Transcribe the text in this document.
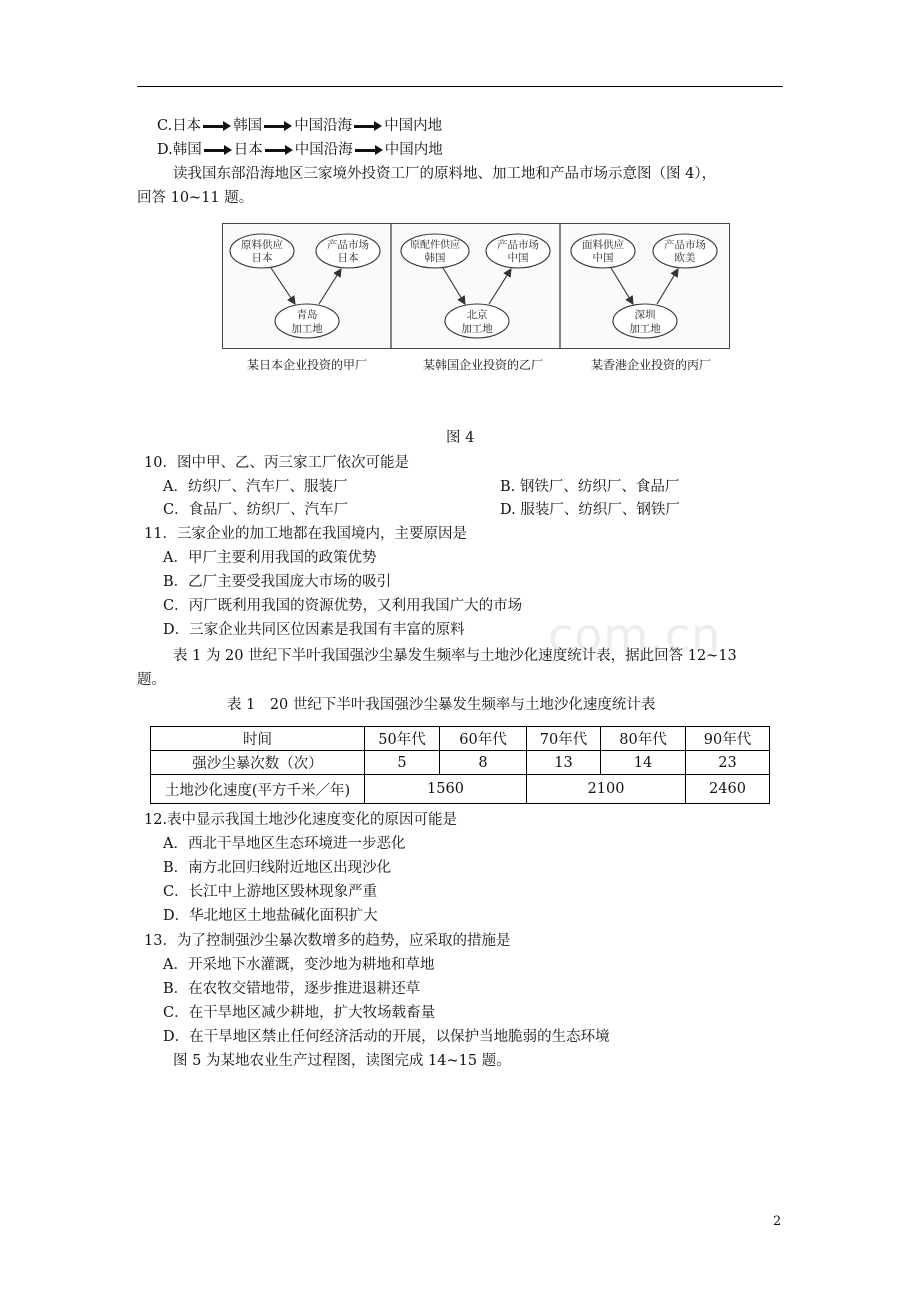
C.日本 韩国 中国沿海 中国内地
D.韩国 日本 中国沿海 中国内地
读我国东部沿海地区三家境外投资工厂的原料地、加工地和产品市场示意图（图 4），
回答 10~11 题。
原料供应
日本
产品市场
日本
青岛
加工地
原配件供应
韩国
产品市场
中国
北京
加工地
面料供应
中国
产品市场
欧美
深圳
加工地
某日本企业投资的甲厂	某韩国企业投资的乙厂	某香港企业投资的丙厂
图 4
10．图中甲、乙、丙三家工厂依次可能是
A．纺织厂、汽车厂、服装厂	B. 钢铁厂、纺织厂、食品厂
C．食品厂、纺织厂、汽车厂	D. 服装厂、纺织厂、钢铁厂
11．三家企业的加工地都在我国境内，主要原因是
A．甲厂主要利用我国的政策优势
B．乙厂主要受我国庞大市场的吸引
C．丙厂既利用我国的资源优势，又利用我国广大的市场
D．三家企业共同区位因素是我国有丰富的原料 com.cn
表 1 为 20 世纪下半叶我国强沙尘暴发生频率与土地沙化速度统计表，据此回答 12~13
题。
表 1　20 世纪下半叶我国强沙尘暴发生频率与土地沙化速度统计表
时间	50年代	60年代	70年代	80年代	90年代
强沙尘暴次数（次）	5	8	13	14	23
土地沙化速度(平方千米／年)	1560		2100		2460
12.表中显示我国土地沙化速度变化的原因可能是
A．西北干旱地区生态环境进一步恶化
B．南方北回归线附近地区出现沙化
C．长江中上游地区毁林现象严重
D．华北地区土地盐碱化面积扩大
13．为了控制强沙尘暴次数增多的趋势，应采取的措施是
A．开采地下水灌溉，变沙地为耕地和草地
B．在农牧交错地带，逐步推进退耕还草
C．在干旱地区减少耕地，扩大牧场载畜量
D．在干旱地区禁止任何经济活动的开展，以保护当地脆弱的生态环境
图 5 为某地农业生产过程图，读图完成 14~15 题。
2
